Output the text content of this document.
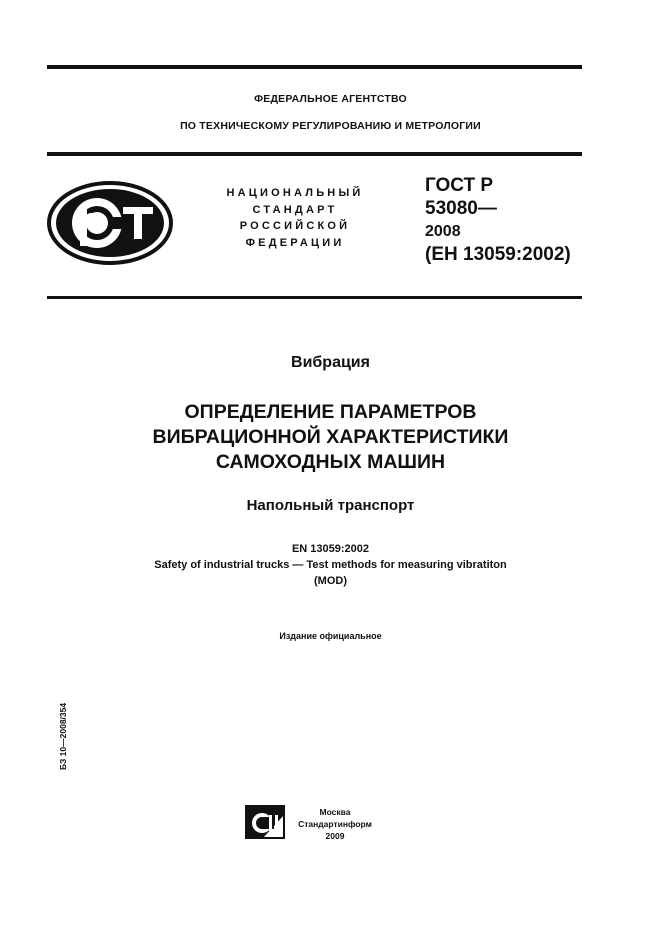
ФЕДЕРАЛЬНОЕ АГЕНТСТВО
ПО ТЕХНИЧЕСКОМУ РЕГУЛИРОВАНИЮ И МЕТРОЛОГИИ
НАЦИОНАЛЬНЫЙ
СТАНДАРТ
РОССИЙСКОЙ
ФЕДЕРАЦИИ
ГОСТ Р
53080—
2008
(ЕН 13059:2002)
Вибрация
ОПРЕДЕЛЕНИЕ ПАРАМЕТРОВ
ВИБРАЦИОННОЙ ХАРАКТЕРИСТИКИ
САМОХОДНЫХ МАШИН
Напольный транспорт
EN 13059:2002
Safety of industrial trucks — Test methods for measuring vibratiton
(MOD)
Издание официальное
БЗ 10—2008/354
Москва
Стандартинформ
2009
